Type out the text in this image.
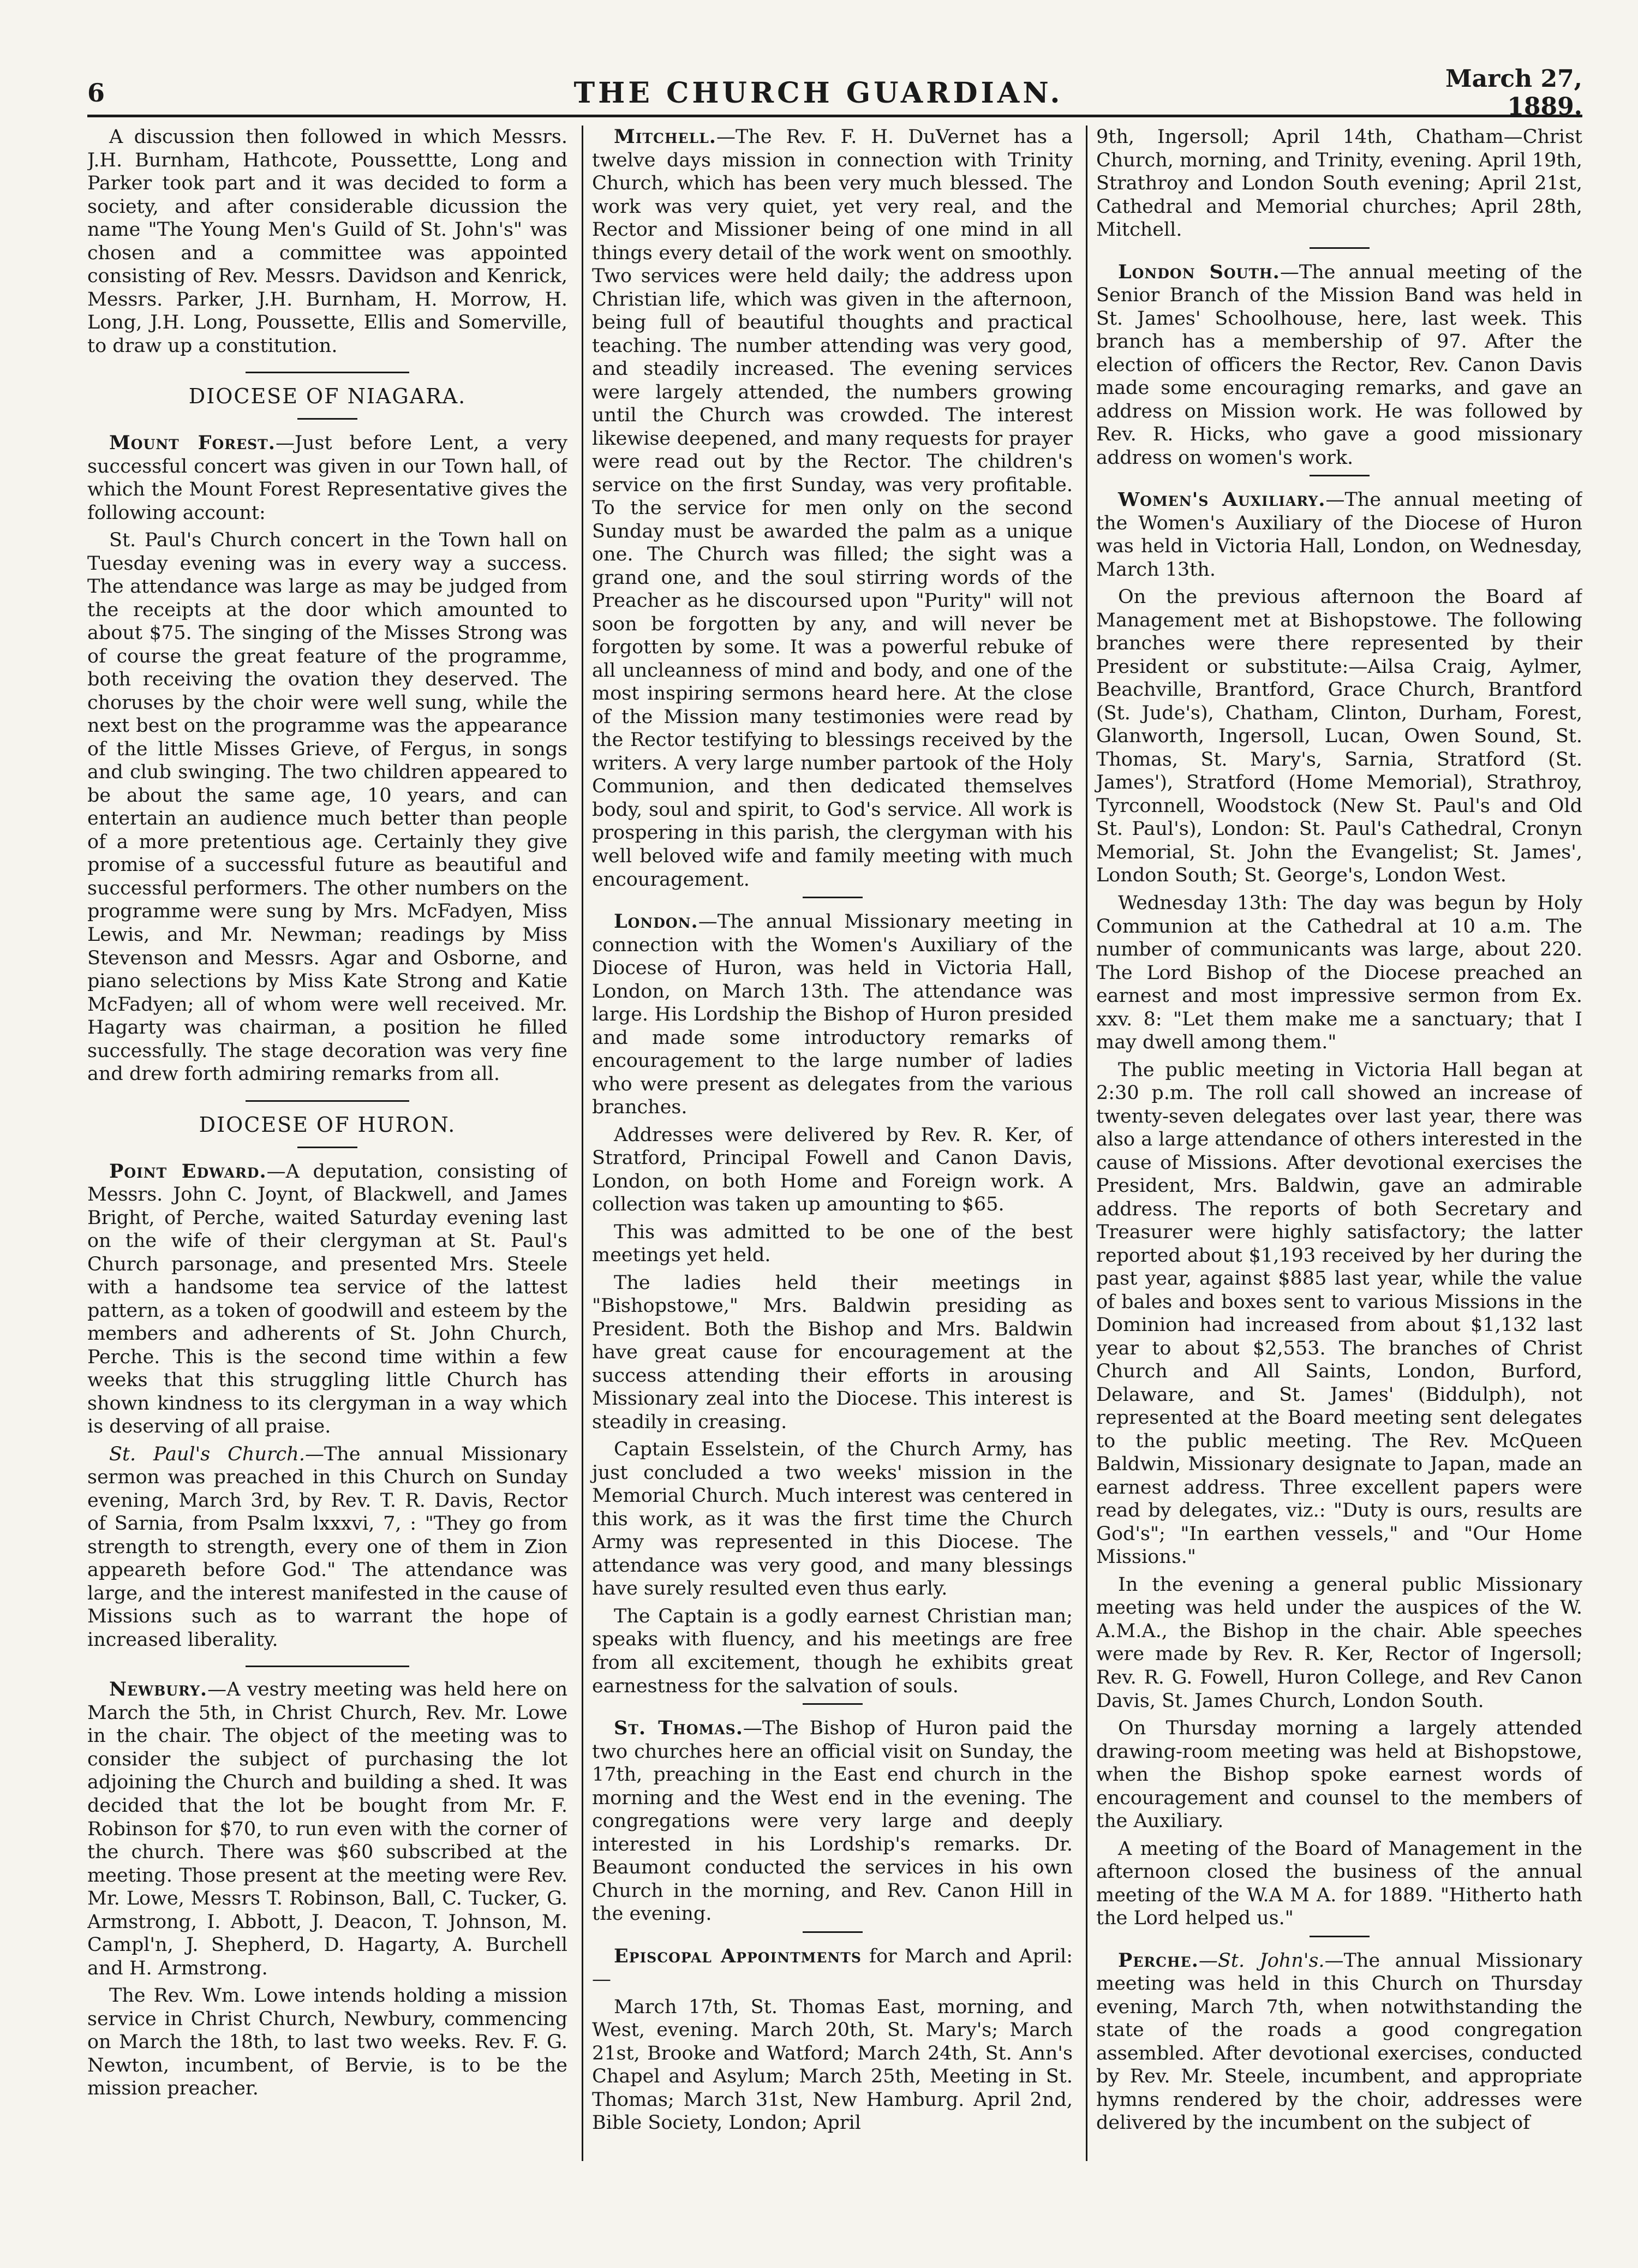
6	THE CHURCH GUARDIAN.	March 27, 1889.

A discussion then followed in which Messrs. J.H. Burnham, Hathcote, Poussettte, Long and Parker took part and it was decided to form a society, and after considerable dicussion the name "The Young Men's Guild of St. John's" was chosen and a committee was appointed consisting of Rev. Messrs. Davidson and Kenrick, Messrs. Parker, J.H. Burnham, H. Morrow, H. Long, J.H. Long, Poussette, Ellis and Somerville, to draw up a constitution.

DIOCESE OF NIAGARA.

Mount Forest.—Just before Lent, a very successful concert was given in our Town hall, of which the Mount Forest Representative gives the following account:

St. Paul's Church concert in the Town hall on Tuesday evening was in every way a success. The attendance was large as may be judged from the receipts at the door which amounted to about $75. The singing of the Misses Strong was of course the great feature of the programme, both receiving the ovation they deserved. The choruses by the choir were well sung, while the next best on the programme was the appearance of the little Misses Grieve, of Fergus, in songs and club swinging. The two children appeared to be about the same age, 10 years, and can entertain an audience much better than people of a more pretentious age. Certainly they give promise of a successful future as beautiful and successful performers. The other numbers on the programme were sung by Mrs. McFadyen, Miss Lewis, and Mr. Newman; readings by Miss Stevenson and Messrs. Agar and Osborne, and piano selections by Miss Kate Strong and Katie McFadyen; all of whom were well received. Mr. Hagarty was chairman, a position he filled successfully. The stage decoration was very fine and drew forth admiring remarks from all.

DIOCESE OF HURON.

Point Edward.—A deputation, consisting of Messrs. John C. Joynt, of Blackwell, and James Bright, of Perche, waited Saturday evening last on the wife of their clergyman at St. Paul's Church parsonage, and presented Mrs. Steele with a handsome tea service of the lattest pattern, as a token of goodwill and esteem by the members and adherents of St. John Church, Perche. This is the second time within a few weeks that this struggling little Church has shown kindness to its clergyman in a way which is deserving of all praise.

St. Paul's Church.—The annual Missionary sermon was preached in this Church on Sunday evening, March 3rd, by Rev. T. R. Davis, Rector of Sarnia, from Psalm lxxxvi, 7, : "They go from strength to strength, every one of them in Zion appeareth before God." The attendance was large, and the interest manifested in the cause of Missions such as to warrant the hope of increased liberality.

Newbury.—A vestry meeting was held here on March the 5th, in Christ Church, Rev. Mr. Lowe in the chair. The object of the meeting was to consider the subject of purchasing the lot adjoining the Church and building a shed. It was decided that the lot be bought from Mr. F. Robinson for $70, to run even with the corner of the church. There was $60 subscribed at the meeting. Those present at the meeting were Rev. Mr. Lowe, Messrs T. Robinson, Ball, C. Tucker, G. Armstrong, I. Abbott, J. Deacon, T. Johnson, M. Campl'n, J. Shepherd, D. Hagarty, A. Burchell and H. Armstrong.

The Rev. Wm. Lowe intends holding a mission service in Christ Church, Newbury, commencing on March the 18th, to last two weeks. Rev. F. G. Newton, incumbent, of Bervie, is to be the mission preacher.

Mitchell.—The Rev. F. H. DuVernet has a twelve days mission in connection with Trinity Church, which has been very much blessed. The work was very quiet, yet very real, and the Rector and Missioner being of one mind in all things every detail of the work went on smoothly. Two services were held daily; the address upon Christian life, which was given in the afternoon, being full of beautiful thoughts and practical teaching. The number attending was very good, and steadily increased. The evening services were largely attended, the numbers growing until the Church was crowded. The interest likewise deepened, and many requests for prayer were read out by the Rector. The children's service on the first Sunday, was very profitable. To the service for men only on the second Sunday must be awarded the palm as a unique one. The Church was filled; the sight was a grand one, and the soul stirring words of the Preacher as he discoursed upon "Purity" will not soon be forgotten by any, and will never be forgotten by some. It was a powerful rebuke of all uncleanness of mind and body, and one of the most inspiring sermons heard here. At the close of the Mission many testimonies were read by the Rector testifying to blessings received by the writers. A very large number partook of the Holy Communion, and then dedicated themselves body, soul and spirit, to God's service. All work is prospering in this parish, the clergyman with his well beloved wife and family meeting with much encouragement.

London.—The annual Missionary meeting in connection with the Women's Auxiliary of the Diocese of Huron, was held in Victoria Hall, London, on March 13th. The attendance was large. His Lordship the Bishop of Huron presided and made some introductory remarks of encouragement to the large number of ladies who were present as delegates from the various branches.

Addresses were delivered by Rev. R. Ker, of Stratford, Principal Fowell and Canon Davis, London, on both Home and Foreign work. A collection was taken up amounting to $65.

This was admitted to be one of the best meetings yet held.

The ladies held their meetings in "Bishopstowe," Mrs. Baldwin presiding as President. Both the Bishop and Mrs. Baldwin have great cause for encouragement at the success attending their efforts in arousing Missionary zeal into the Diocese. This interest is steadily in creasing.

Captain Esselstein, of the Church Army, has just concluded a two weeks' mission in the Memorial Church. Much interest was centered in this work, as it was the first time the Church Army was represented in this Diocese. The attendance was very good, and many blessings have surely resulted even thus early.

The Captain is a godly earnest Christian man; speaks with fluency, and his meetings are free from all excitement, though he exhibits great earnestness for the salvation of souls.

St. Thomas.—The Bishop of Huron paid the two churches here an official visit on Sunday, the 17th, preaching in the East end church in the morning and the West end in the evening. The congregations were very large and deeply interested in his Lordship's remarks. Dr. Beaumont conducted the services in his own Church in the morning, and Rev. Canon Hill in the evening.

Episcopal Appointments for March and April:—

March 17th, St. Thomas East, morning, and West, evening. March 20th, St. Mary's; March 21st, Brooke and Watford; March 24th, St. Ann's Chapel and Asylum; March 25th, Meeting in St. Thomas; March 31st, New Hamburg. April 2nd, Bible Society, London; April

9th, Ingersoll; April 14th, Chatham—Christ Church, morning, and Trinity, evening. April 19th, Strathroy and London South evening; April 21st, Cathedral and Memorial churches; April 28th, Mitchell.

London South.—The annual meeting of the Senior Branch of the Mission Band was held in St. James' Schoolhouse, here, last week. This branch has a membership of 97. After the election of officers the Rector, Rev. Canon Davis made some encouraging remarks, and gave an address on Mission work. He was followed by Rev. R. Hicks, who gave a good missionary address on women's work.

Women's Auxiliary.—The annual meeting of the Women's Auxiliary of the Diocese of Huron was held in Victoria Hall, London, on Wednesday, March 13th.

On the previous afternoon the Board af Management met at Bishopstowe. The following branches were there represented by their President or substitute:—Ailsa Craig, Aylmer, Beachville, Brantford, Grace Church, Brantford (St. Jude's), Chatham, Clinton, Durham, Forest, Glanworth, Ingersoll, Lucan, Owen Sound, St. Thomas, St. Mary's, Sarnia, Stratford (St. James'), Stratford (Home Memorial), Strathroy, Tyrconnell, Woodstock (New St. Paul's and Old St. Paul's), London: St. Paul's Cathedral, Cronyn Memorial, St. John the Evangelist; St. James', London South; St. George's, London West.

Wednesday 13th: The day was begun by Holy Communion at the Cathedral at 10 a.m. The number of communicants was large, about 220. The Lord Bishop of the Diocese preached an earnest and most impressive sermon from Ex. xxv. 8: "Let them make me a sanctuary; that I may dwell among them."

The public meeting in Victoria Hall began at 2:30 p.m. The roll call showed an increase of twenty-seven delegates over last year, there was also a large attendance of others interested in the cause of Missions. After devotional exercises the President, Mrs. Baldwin, gave an admirable address. The reports of both Secretary and Treasurer were highly satisfactory; the latter reported about $1,193 received by her during the past year, against $885 last year, while the value of bales and boxes sent to various Missions in the Dominion had increased from about $1,132 last year to about $2,553. The branches of Christ Church and All Saints, London, Burford, Delaware, and St. James' (Biddulph), not represented at the Board meeting sent delegates to the public meeting. The Rev. McQueen Baldwin, Missionary designate to Japan, made an earnest address. Three excellent papers were read by delegates, viz.: "Duty is ours, results are God's"; "In earthen vessels," and "Our Home Missions."

In the evening a general public Missionary meeting was held under the auspices of the W. A.M.A., the Bishop in the chair. Able speeches were made by Rev. R. Ker, Rector of Ingersoll; Rev. R. G. Fowell, Huron College, and Rev Canon Davis, St. James Church, London South.

On Thursday morning a largely attended drawing-room meeting was held at Bishopstowe, when the Bishop spoke earnest words of encouragement and counsel to the members of the Auxiliary.

A meeting of the Board of Management in the afternoon closed the business of the annual meeting of the W.A M A. for 1889. "Hitherto hath the Lord helped us."

Perche.—St. John's.—The annual Missionary meeting was held in this Church on Thursday evening, March 7th, when notwithstanding the state of the roads a good congregation assembled. After devotional exercises, conducted by Rev. Mr. Steele, incumbent, and appropriate hymns rendered by the choir, addresses were delivered by the incumbent on the subject of
